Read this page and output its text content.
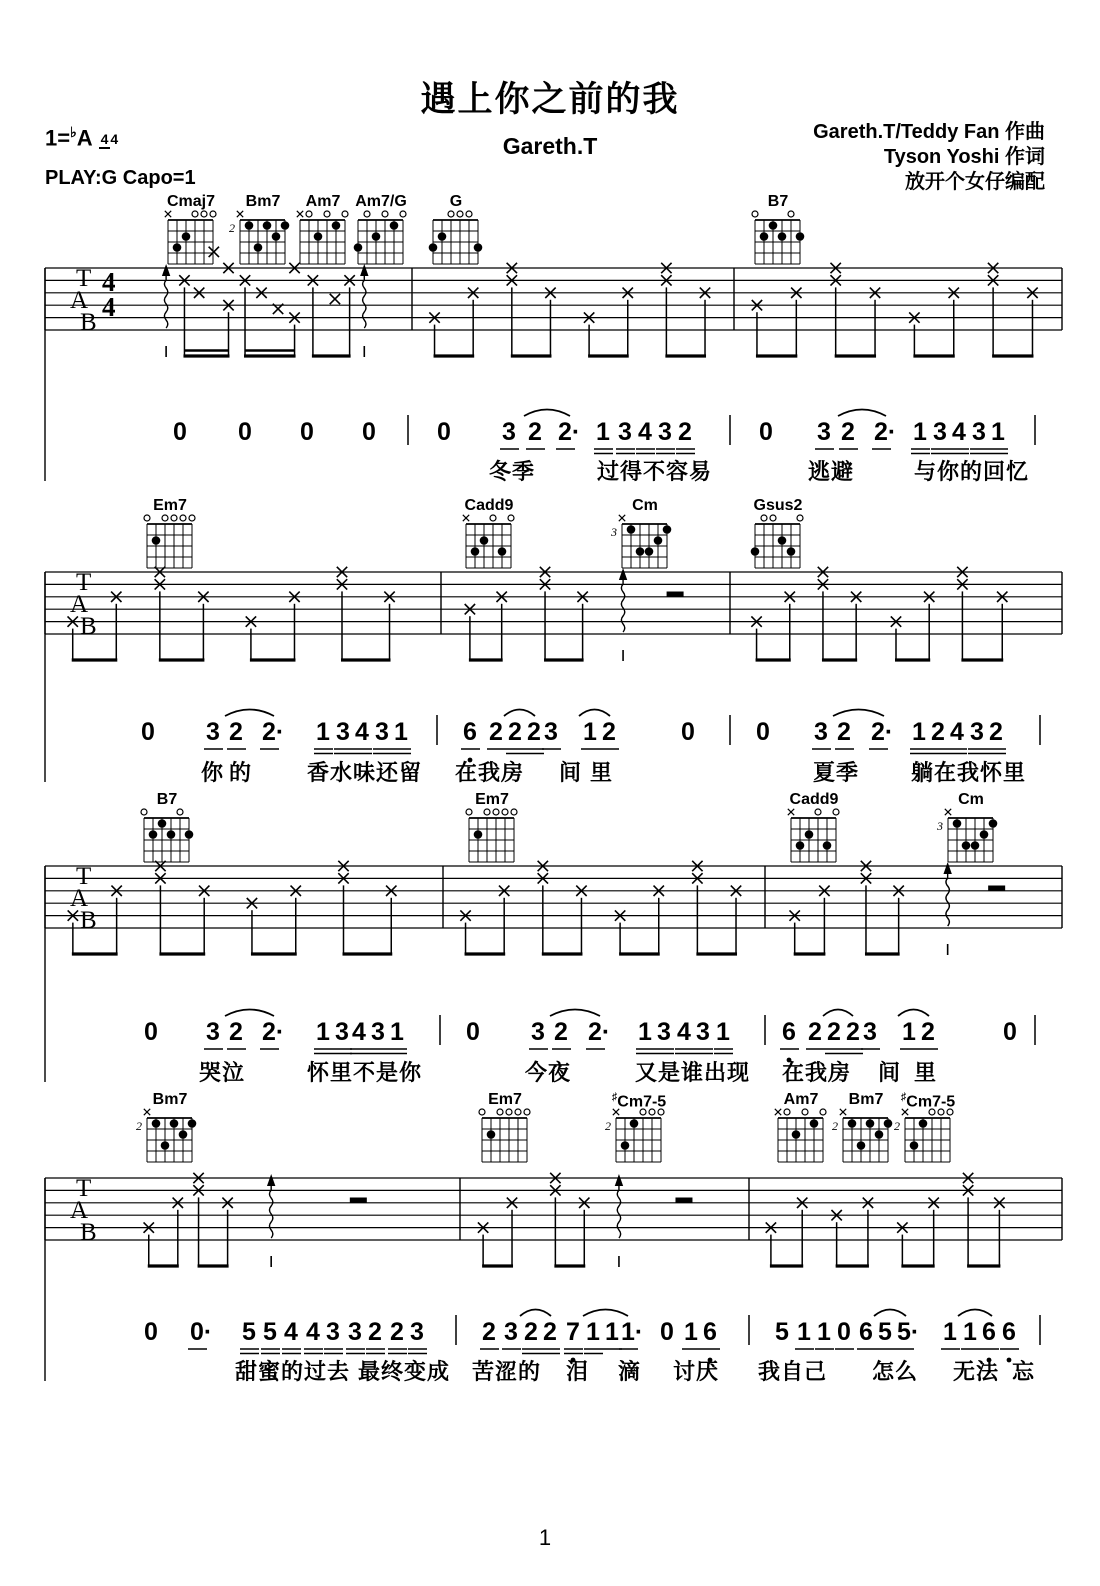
2
3
3
2	2	2	2
遇上你之前的我
Gareth.T
1=♭A 4 4
PLAY:G Capo=1
Gareth.T/Teddy Fan 作曲
Tyson Yoshi 作词
放开个女仔编配
1
T
A
B
4
4
Cmaj7 Bm7 Am7 Am7/G	G	B7
0 0 0 0 0 3 2 2· 1 3 4 3 2	0 3 2 2· 1 3 4 3 1
冬季	过得不容易	逃避	与你的回忆
T
A
B
Em7	Cadd9	Cm	Gsus2
0 3 2 2· 1 3 4 3 1 6 2 2 2 3 1 2	0 0 3 2 2· 1 2 4 3 2
你 的 香水味还留 在我房 间 里	夏季 躺在我怀里
T
A
B
B7	Em7	Cadd9	Cm
0 3 2 2· 1 3 4 3 1 0 3 2 2· 1 3 4 3 1 6 2 2 2 3 1 2	0
哭泣	怀里不是你	今夜	又是谁出现 在我房 间 里
T
A
B
Bm7	Em7	♯Cm7-5	Am7 Bm7 ♯Cm7-5
0 0· 5 5 4 4 3 3 2 2 3 2 3 2 2 7 1 1 1· 0 1 6 5 1 1 0 6 5 5· 1 1 6 6
甜蜜的过去 最终变成 苦涩的 泪 滴 讨厌 我自己 怎么 无法 忘
